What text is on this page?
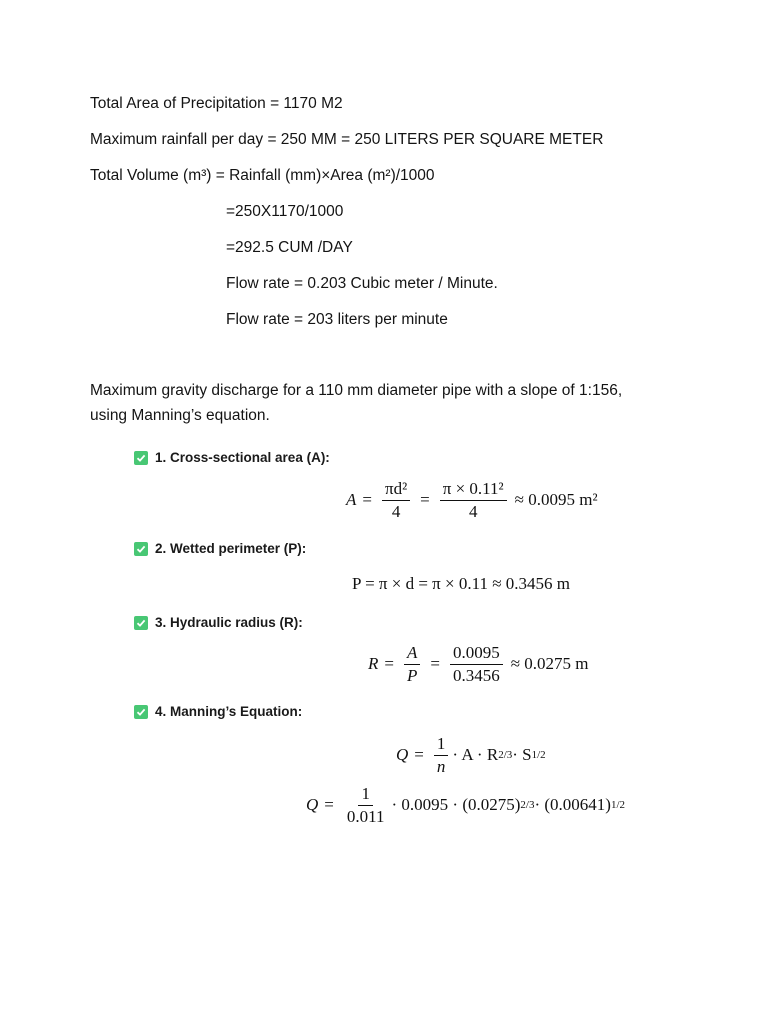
Total Area of Precipitation = 1170 M2
Maximum rainfall per day = 250 MM = 250 LITERS PER SQUARE METER
Total Volume (m³) = Rainfall (mm)×Area (m²)/1000
=250X1170/1000
=292.5 CUM /DAY
Flow rate = 0.203 Cubic meter / Minute.
Flow rate = 203 liters per minute
Maximum gravity discharge for a 110 mm diameter pipe with a slope of 1:156,
using Manning’s equation.
1. Cross-sectional area (A):
$A = \frac{\text{πd²}}{4} = \frac{\text{π × 0.11²}}{4} \approx 0.0095$ m²
2. Wetted perimeter (P):
P = π × d = π × 0.11 ≈ 0.3456 m
3. Hydraulic radius (R):
$R = \frac{A}{P} = \frac{0.0095}{0.3456} \approx 0.0275$ m
4. Manning’s Equation:
$Q = \frac{1}{n} \cdot A \cdot R$ 2/3 · S 1/2
$Q = \frac{1}{0.011} \cdot 0.0095 \cdot (0.0275) 2/3 \cdot (0.00641)$ 1/2
